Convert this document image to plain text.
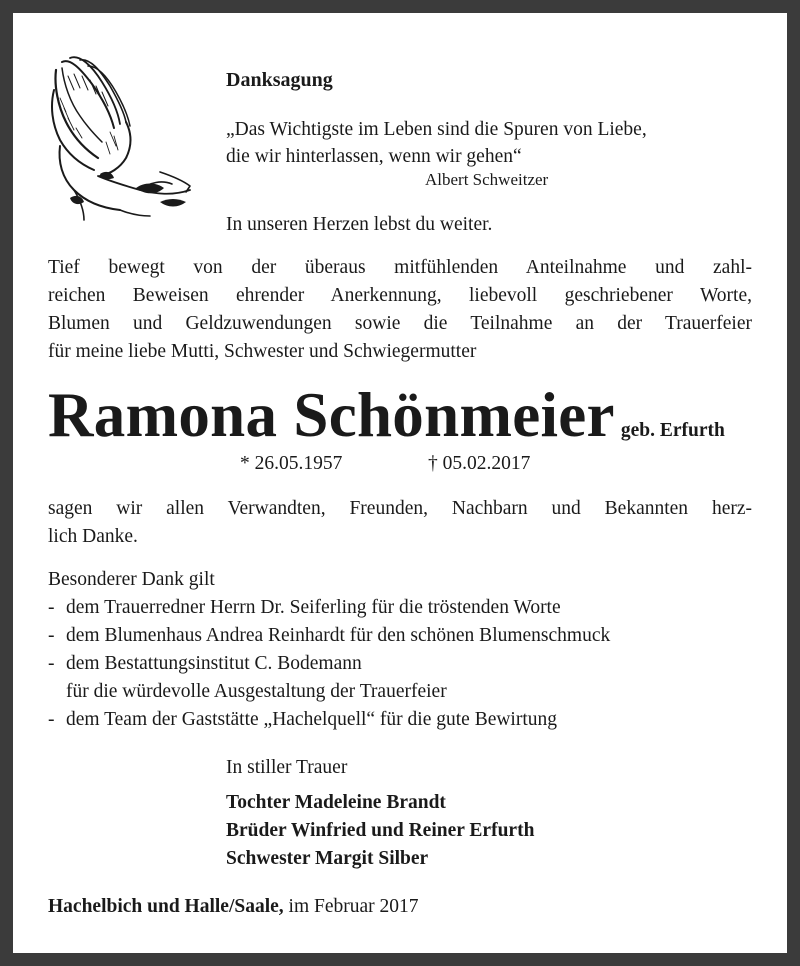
Danksagung
„Das Wichtigste im Leben sind die Spuren von Liebe,
die wir hinterlassen, wenn wir gehen“
Albert Schweitzer
In unseren Herzen lebst du weiter.
Tief bewegt von der überaus mitfühlenden Anteilnahme und zahl-
reichen Beweisen ehrender Anerkennung, liebevoll geschriebener Worte,
Blumen und Geldzuwendungen sowie die Teilnahme an der Trauerfeier
für meine liebe Mutti, Schwester und Schwiegermutter
Ramona Schönmeier geb. Erfurth
* 26.05.1957	† 05.02.2017
sagen wir allen Verwandten, Freunden, Nachbarn und Bekannten herz-
lich Danke.
Besonderer Dank gilt
- dem Trauerredner Herrn Dr. Seiferling für die tröstenden Worte
- dem Blumenhaus Andrea Reinhardt für den schönen Blumenschmuck
- dem Bestattungsinstitut C. Bodemann
für die würdevolle Ausgestaltung der Trauerfeier
- dem Team der Gaststätte „Hachelquell“ für die gute Bewirtung
In stiller Trauer
Tochter Madeleine Brandt
Brüder Winfried und Reiner Erfurth
Schwester Margit Silber
Hachelbich und Halle/Saale, im Februar 2017
